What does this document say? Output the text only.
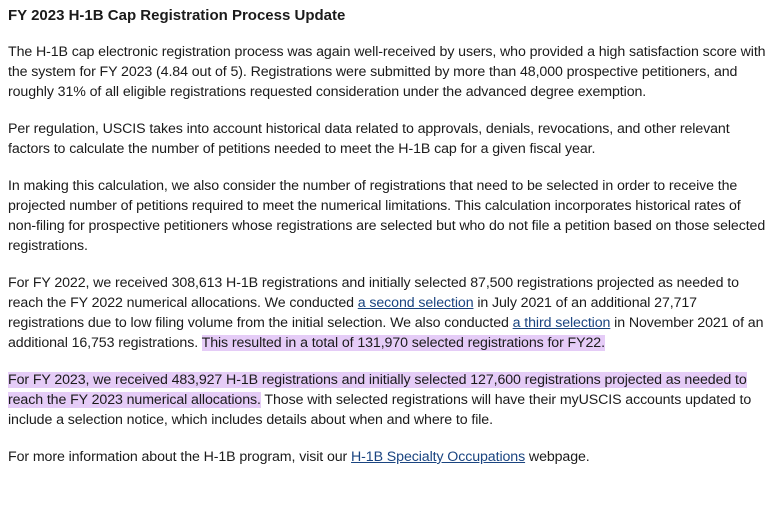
FY 2023 H-1B Cap Registration Process Update

The H-1B cap electronic registration process was again well-received by users, who provided a high satisfaction score with the system for FY 2023 (4.84 out of 5). Registrations were submitted by more than 48,000 prospective petitioners, and roughly 31% of all eligible registrations requested consideration under the advanced degree exemption.

Per regulation, USCIS takes into account historical data related to approvals, denials, revocations, and other relevant factors to calculate the number of petitions needed to meet the H-1B cap for a given fiscal year.

In making this calculation, we also consider the number of registrations that need to be selected in order to receive the projected number of petitions required to meet the numerical limitations. This calculation incorporates historical rates of non-filing for prospective petitioners whose registrations are selected but who do not file a petition based on those selected registrations.

For FY 2022, we received 308,613 H-1B registrations and initially selected 87,500 registrations projected as needed to reach the FY 2022 numerical allocations. We conducted a second selection in July 2021 of an additional 27,717 registrations due to low filing volume from the initial selection. We also conducted a third selection in November 2021 of an additional 16,753 registrations. This resulted in a total of 131,970 selected registrations for FY22.

For FY 2023, we received 483,927 H-1B registrations and initially selected 127,600 registrations projected as needed to reach the FY 2023 numerical allocations. Those with selected registrations will have their myUSCIS accounts updated to include a selection notice, which includes details about when and where to file.

For more information about the H-1B program, visit our H-1B Specialty Occupations webpage.
